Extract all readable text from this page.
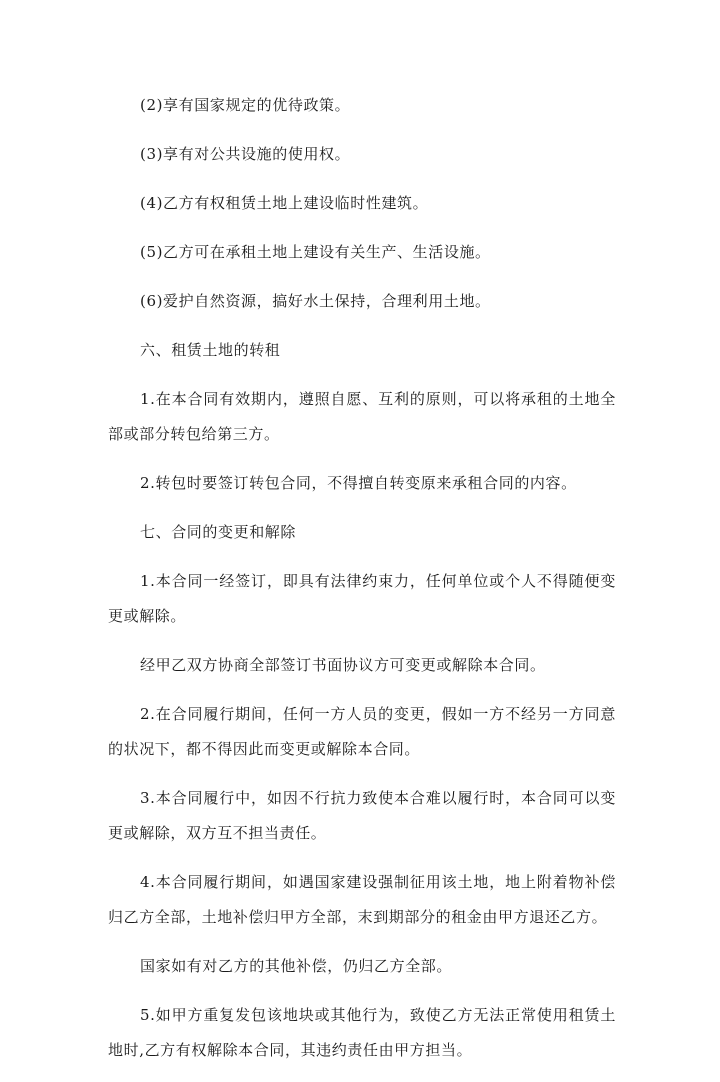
(2)享有国家规定的优待政策。

(3)享有对公共设施的使用权。

(4)乙方有权租赁土地上建设临时性建筑。

(5)乙方可在承租土地上建设有关生产、生活设施。

(6)爱护自然资源，搞好水土保持，合理利用土地。

六、租赁土地的转租

1.在本合同有效期内，遵照自愿、互利的原则，可以将承租的土地全部或部分转包给第三方。

2.转包时要签订转包合同，不得擅自转变原来承租合同的内容。

七、合同的变更和解除

1.本合同一经签订，即具有法律约束力，任何单位或个人不得随便变更或解除。

经甲乙双方协商全部签订书面协议方可变更或解除本合同。

2.在合同履行期间，任何一方人员的变更，假如一方不经另一方同意的状况下，都不得因此而变更或解除本合同。

3.本合同履行中，如因不行抗力致使本合难以履行时，本合同可以变更或解除，双方互不担当责任。

4.本合同履行期间，如遇国家建设强制征用该土地，地上附着物补偿归乙方全部，土地补偿归甲方全部，末到期部分的租金由甲方退还乙方。

国家如有对乙方的其他补偿，仍归乙方全部。

5.如甲方重复发包该地块或其他行为，致使乙方无法正常使用租赁土地时,乙方有权解除本合同，其违约责任由甲方担当。
